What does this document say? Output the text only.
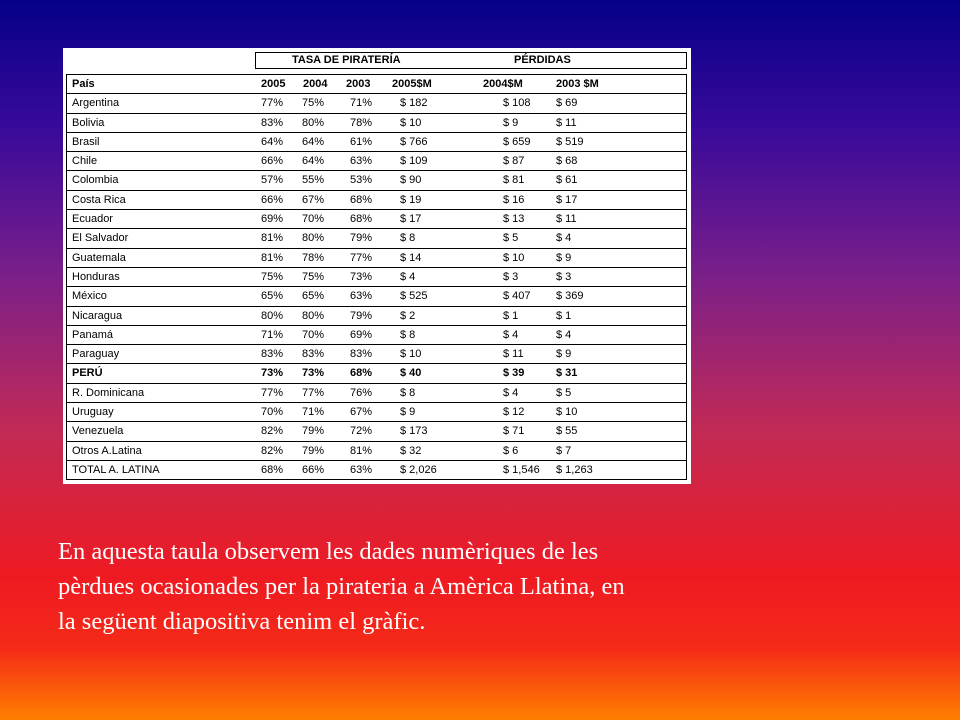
TASA DE PIRATERÍA	PÉRDIDAS
País	2005 2004 2003 2005$M	2004$M	2003 $M
Argentina	77% 75% 71%	$ 182	$ 108 $ 69
Bolivia	83% 80% 78%	$ 10	$ 9	$ 11
Brasil	64% 64% 61%	$ 766	$ 659 $ 519
Chile	66% 64% 63%	$ 109	$ 87	$ 68
Colombia	57% 55% 53%	$ 90	$ 81	$ 61
Costa Rica	66% 67% 68%	$ 19	$ 16	$ 17
Ecuador	69% 70% 68%	$ 17	$ 13	$ 11
El Salvador	81% 80% 79%	$ 8	$ 5	$ 4
Guatemala	81% 78% 77%	$ 14	$ 10	$ 9
Honduras	75% 75% 73%	$ 4	$ 3	$ 3
México	65% 65% 63%	$ 525	$ 407 $ 369
Nicaragua	80% 80% 79%	$ 2	$ 1	$ 1
Panamá	71% 70% 69%	$ 8	$ 4	$ 4
Paraguay	83% 83% 83%	$ 10	$ 11	$ 9
PERÚ	73% 73% 68%	$ 40	$ 39	$ 31
R. Dominicana	77% 77% 76%	$ 8	$ 4	$ 5
Uruguay	70% 71% 67%	$ 9	$ 12	$ 10
Venezuela	82% 79% 72%	$ 173	$ 71	$ 55
Otros A.Latina	82% 79% 81%	$ 32	$ 6	$ 7
TOTAL A. LATINA	68% 66% 63%	$ 2,026	$ 1,546 $ 1,263
En aquesta taula observem les dades numèriques de les
pèrdues ocasionades per la pirateria a Amèrica Llatina, en
la següent diapositiva tenim el gràfic.
